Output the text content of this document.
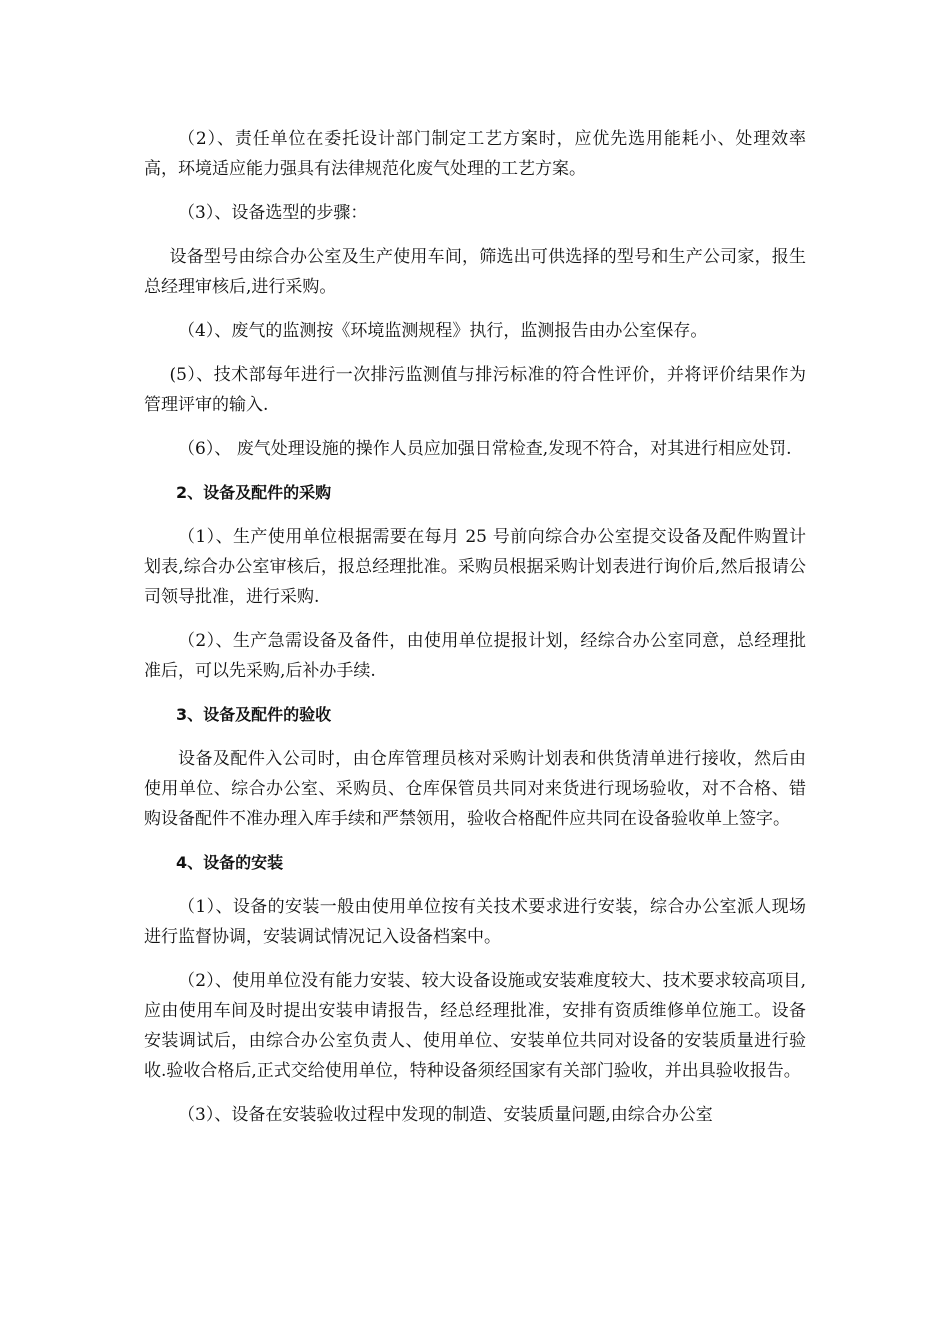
（2）、责任单位在委托设计部门制定工艺方案时，应优先选用能耗小、处理效率高，环境适应能力强具有法律规范化废气处理的工艺方案。

（3）、设备选型的步骤：

设备型号由综合办公室及生产使用车间，筛选出可供选择的型号和生产公司家，报生总经理审核后,进行采购。

（4）、废气的监测按《环境监测规程》执行，监测报告由办公室保存。

(5）、技术部每年进行一次排污监测值与排污标准的符合性评价，并将评价结果作为管理评审的输入.

（6）、 废气处理设施的操作人员应加强日常检查,发现不符合，对其进行相应处罚.

2、设备及配件的采购

（1）、生产使用单位根据需要在每月 25 号前向综合办公室提交设备及配件购置计划表,综合办公室审核后，报总经理批准。采购员根据采购计划表进行询价后,然后报请公司领导批准，进行采购.

（2）、生产急需设备及备件，由使用单位提报计划，经综合办公室同意，总经理批准后，可以先采购,后补办手续.

3、设备及配件的验收

设备及配件入公司时，由仓库管理员核对采购计划表和供货清单进行接收，然后由使用单位、综合办公室、采购员、仓库保管员共同对来货进行现场验收，对不合格、错购设备配件不准办理入库手续和严禁领用，验收合格配件应共同在设备验收单上签字。

4、设备的安装

（1）、设备的安装一般由使用单位按有关技术要求进行安装，综合办公室派人现场进行监督协调，安装调试情况记入设备档案中。

（2）、使用单位没有能力安装、较大设备设施或安装难度较大、技术要求较高项目,应由使用车间及时提出安装申请报告，经总经理批准，安排有资质维修单位施工。设备安装调试后，由综合办公室负责人、使用单位、安装单位共同对设备的安装质量进行验收.验收合格后,正式交给使用单位，特种设备须经国家有关部门验收，并出具验收报告。

（3）、设备在安装验收过程中发现的制造、安装质量问题,由综合办公室
